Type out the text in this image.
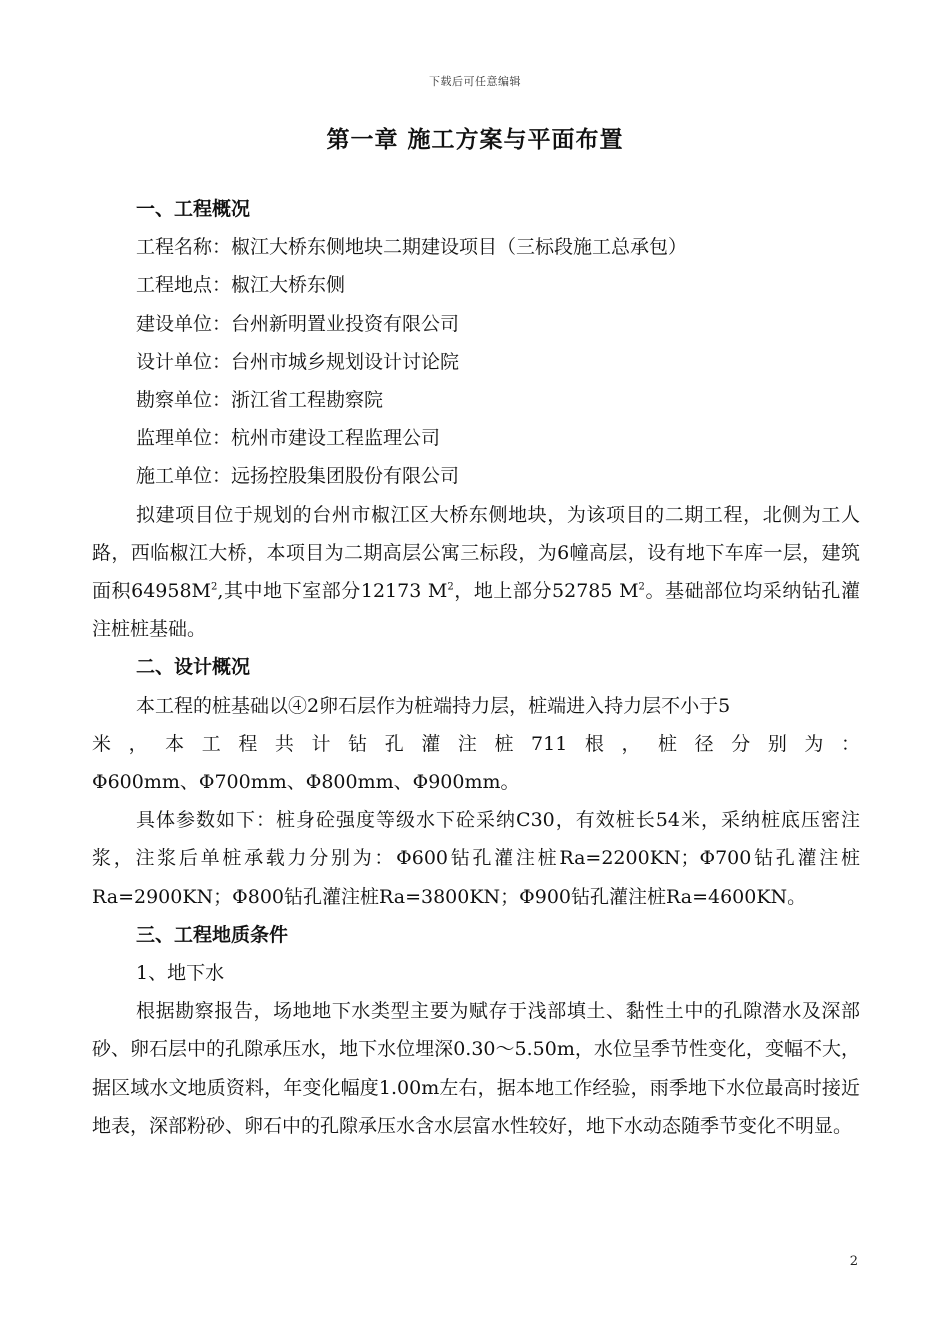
下载后可任意编辑
第一章 施工方案与平面布置

一、工程概况

工程名称：椒江大桥东侧地块二期建设项目（三标段施工总承包）

工程地点：椒江大桥东侧

建设单位：台州新明置业投资有限公司

设计单位：台州市城乡规划设计讨论院

勘察单位：浙江省工程勘察院

监理单位：杭州市建设工程监理公司

施工单位：远扬控股集团股份有限公司

拟建项目位于规划的台州市椒江区大桥东侧地块，为该项目的二期工程，北侧为工人路，西临椒江大桥，本项目为二期高层公寓三标段，为6幢高层，设有地下车库一层，建筑面积$64958M^2$,其中地下室部分12173 $M^2$，地上部分52785 $M^2$。基础部位均采纳钻孔灌注桩桩基础。

二、设计概况

本工程的桩基础以④2卵石层作为桩端持力层，桩端进入持力层不小于5

米，本工程共计钻孔灌注桩711根，桩径分别为：

Φ600mm、Φ700mm、Φ800mm、Φ900mm。

具体参数如下：桩身砼强度等级水下砼采纳C30，有效桩长54米，采纳桩底压密注浆，注浆后单桩承载力分别为：Φ600钻孔灌注桩Ra=2200KN；Φ700钻孔灌注桩Ra=2900KN；Φ800钻孔灌注桩Ra=3800KN；Φ900钻孔灌注桩Ra=4600KN。

三、工程地质条件

1、地下水

根据勘察报告，场地地下水类型主要为赋存于浅部填土、黏性土中的孔隙潜水及深部砂、卵石层中的孔隙承压水，地下水位埋深0.30～5.50m，水位呈季节性变化，变幅不大，据区域水文地质资料，年变化幅度1.00m左右，据本地工作经验，雨季地下水位最高时接近地表，深部粉砂、卵石中的孔隙承压水含水层富水性较好，地下水动态随季节变化不明显。

2
